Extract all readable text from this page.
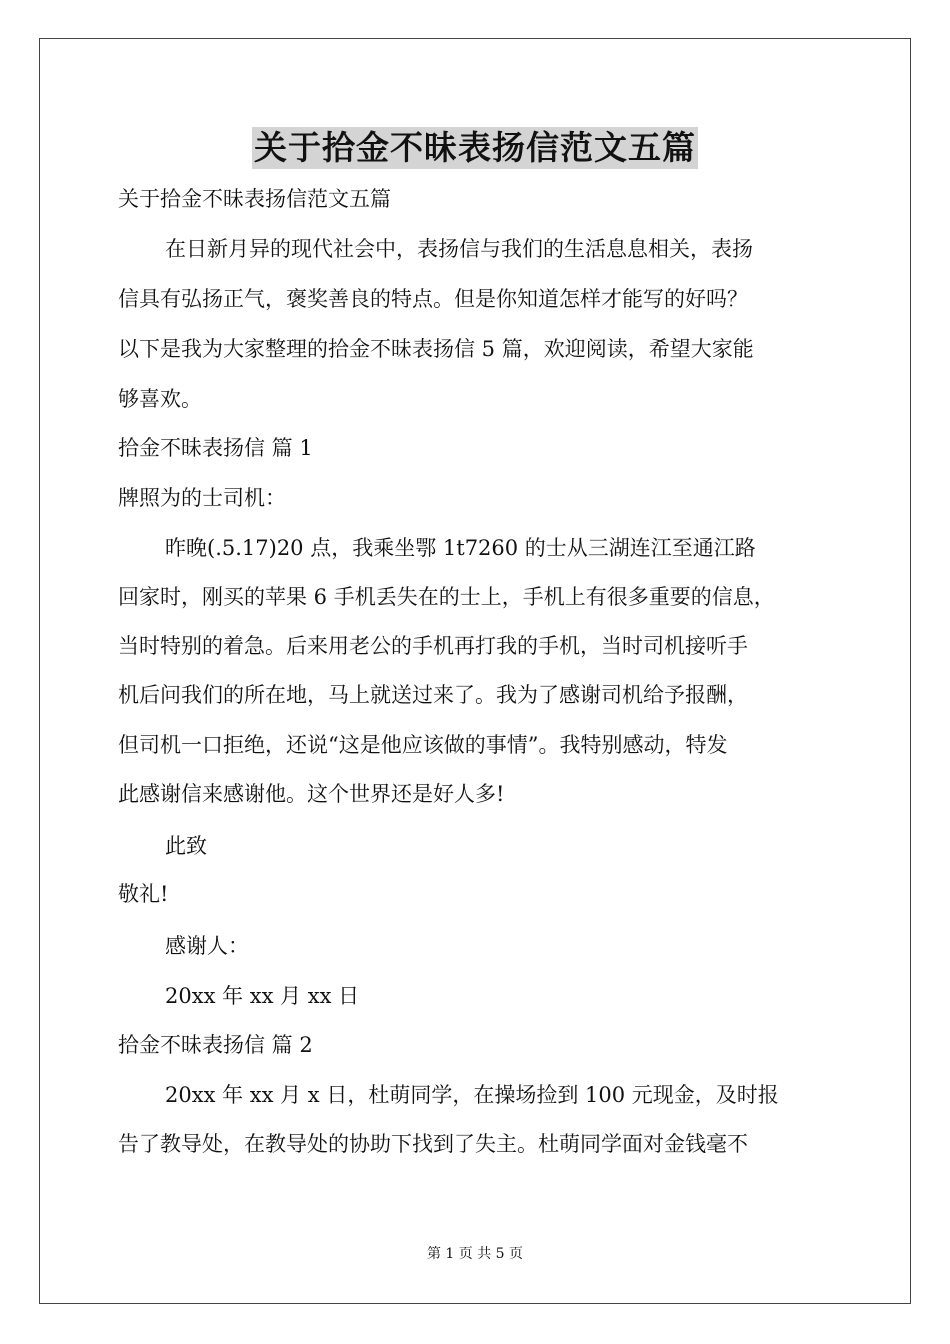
关于拾金不昧表扬信范文五篇
关于拾金不昧表扬信范文五篇
在日新月异的现代社会中，表扬信与我们的生活息息相关，表扬
信具有弘扬正气，褒奖善良的特点。但是你知道怎样才能写的好吗？
以下是我为大家整理的拾金不昧表扬信 5 篇，欢迎阅读，希望大家能
够喜欢。
拾金不昧表扬信 篇 1
牌照为的士司机：
昨晚(.5.17)20 点，我乘坐鄂 1t7260 的士从三湖连江至通江路
回家时，刚买的苹果 6 手机丢失在的士上，手机上有很多重要的信息，
当时特别的着急。后来用老公的手机再打我的手机，当时司机接听手
机后问我们的所在地，马上就送过来了。我为了感谢司机给予报酬，
但司机一口拒绝，还说“这是他应该做的事情”。我特别感动，特发
此感谢信来感谢他。这个世界还是好人多!
此致
敬礼!
感谢人：
20xx 年 xx 月 xx 日
拾金不昧表扬信 篇 2
20xx 年 xx 月 x 日，杜萌同学，在操场捡到 100 元现金，及时报
告了教导处，在教导处的协助下找到了失主。杜萌同学面对金钱毫不
第 1 页 共 5 页
